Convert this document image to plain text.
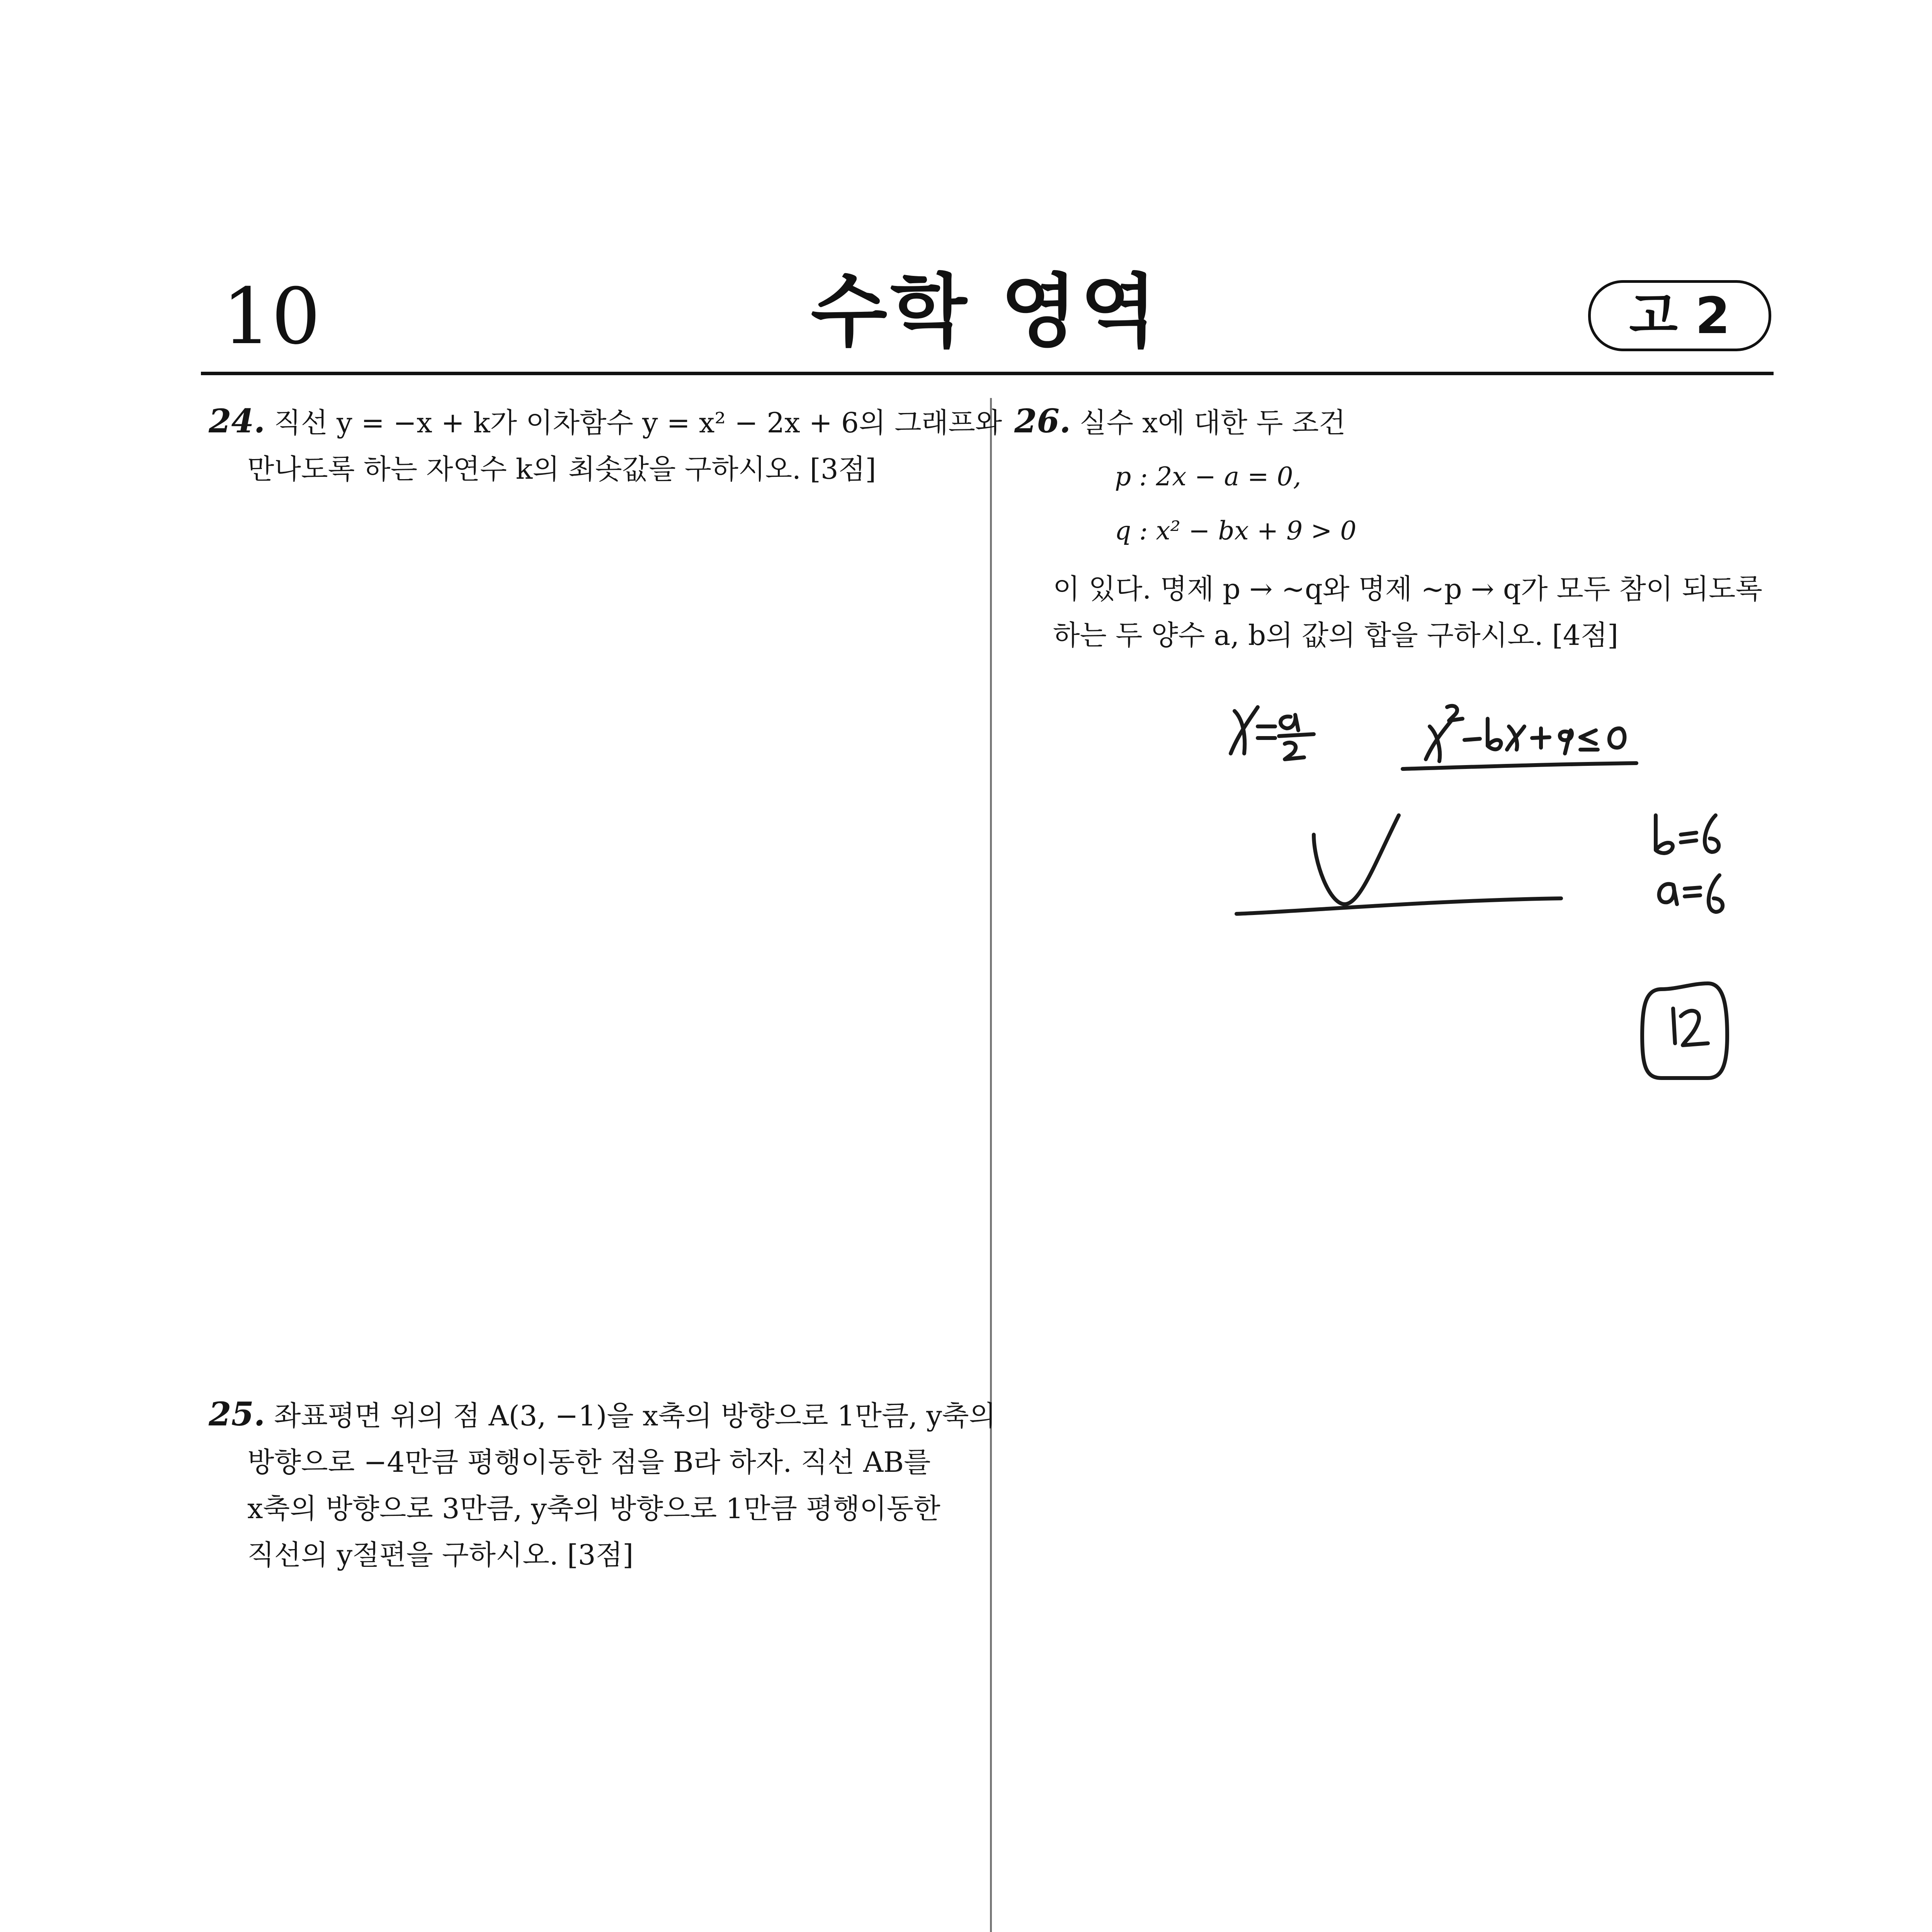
10	수학 영역	고 2
24. 직선 y = −x + k가 이차함수 y = x² − 2x + 6의 그래프와
만나도록 하는 자연수 k의 최솟값을 구하시오. [3점]
25. 좌표평면 위의 점 A(3, −1)을 x축의 방향으로 1만큼, y축의
방향으로 −4만큼 평행이동한 점을 B라 하자. 직선 AB를
x축의 방향으로 3만큼, y축의 방향으로 1만큼 평행이동한
직선의 y절편을 구하시오. [3점]
26. 실수 x에 대한 두 조건
p : 2x − a = 0,
q : x² − bx + 9 > 0
이 있다. 명제 p → ~q와 명제 ~p → q가 모두 참이 되도록
하는 두 양수 a, b의 값의 합을 구하시오. [4점]
